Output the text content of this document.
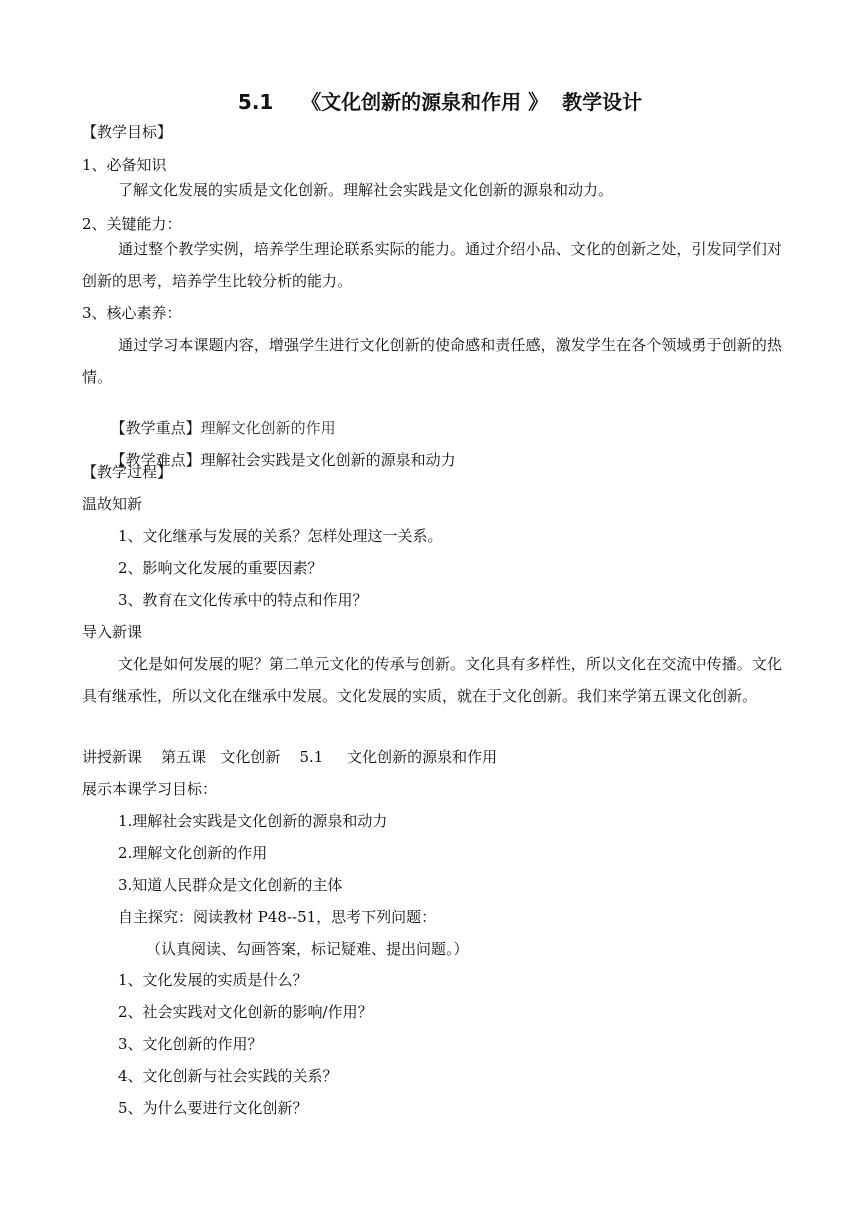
5.1    《文化创新的源泉和作用 》  教学设计
【教学目标】
1、必备知识
了解文化发展的实质是文化创新。理解社会实践是文化创新的源泉和动力。
2、关键能力：
通过整个教学实例，培养学生理论联系实际的能力。通过介绍小品、文化的创新之处，引发同学们对创新的思考，培养学生比较分析的能力。
3、核心素养：
通过学习本课题内容，增强学生进行文化创新的使命感和责任感，激发学生在各个领域勇于创新的热情。

【教学重点】理解文化创新的作用

【教学难点】理解社会实践是文化创新的源泉和动力

【教学过程】
温故知新
1、文化继承与发展的关系？怎样处理这一关系。
2、影响文化发展的重要因素？
3、教育在文化传承中的特点和作用？
导入新课
文化是如何发展的呢？第二单元文化的传承与创新。文化具有多样性，所以文化在交流中传播。文化具有继承性，所以文化在继承中发展。文化发展的实质，就在于文化创新。我们来学第五课文化创新。
讲授新课    第五课   文化创新    5.1     文化创新的源泉和作用
展示本课学习目标：
1.理解社会实践是文化创新的源泉和动力
2.理解文化创新的作用
3.知道人民群众是文化创新的主体
自主探究：阅读教材 P48--51，思考下列问题：
（认真阅读、勾画答案，标记疑难、提出问题。）
1、文化发展的实质是什么？
2、社会实践对文化创新的影响/作用？
3、文化创新的作用？
4、文化创新与社会实践的关系？
5、为什么要进行文化创新？
